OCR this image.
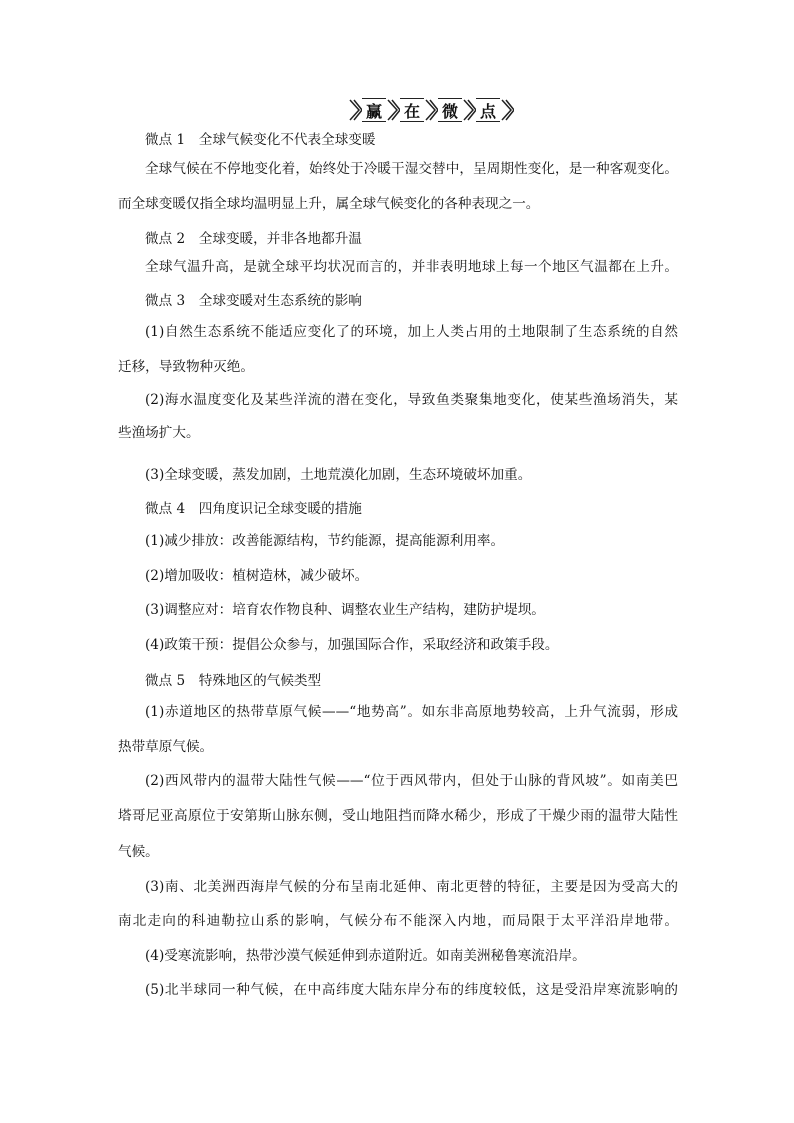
赢 在 微 点
微点 1　全球气候变化不代表全球变暖
全球气候在不停地变化着，始终处于冷暖干湿交替中，呈周期性变化，是一种客观变化。
而全球变暖仅指全球均温明显上升，属全球气候变化的各种表现之一。
微点 2　全球变暖，并非各地都升温
全球气温升高，是就全球平均状况而言的，并非表明地球上每一个地区气温都在上升。
微点 3　全球变暖对生态系统的影响
(1)自然生态系统不能适应变化了的环境，加上人类占用的土地限制了生态系统的自然
迁移，导致物种灭绝。
(2)海水温度变化及某些洋流的潜在变化，导致鱼类聚集地变化，使某些渔场消失，某
些渔场扩大。
(3)全球变暖，蒸发加剧，土地荒漠化加剧，生态环境破坏加重。
微点 4　四角度识记全球变暖的措施
(1)减少排放：改善能源结构，节约能源，提高能源利用率。
(2)增加吸收：植树造林，减少破坏。
(3)调整应对：培育农作物良种、调整农业生产结构，建防护堤坝。
(4)政策干预：提倡公众参与，加强国际合作，采取经济和政策手段。
微点 5　特殊地区的气候类型
(1)赤道地区的热带草原气候——“地势高”。如东非高原地势较高，上升气流弱，形成
热带草原气候。
(2)西风带内的温带大陆性气候——“位于西风带内，但处于山脉的背风坡”。如南美巴
塔哥尼亚高原位于安第斯山脉东侧，受山地阻挡而降水稀少，形成了干燥少雨的温带大陆性
气候。
(3)南、北美洲西海岸气候的分布呈南北延伸、南北更替的特征，主要是因为受高大的
南北走向的科迪勒拉山系的影响，气候分布不能深入内地，而局限于太平洋沿岸地带。
(4)受寒流影响，热带沙漠气候延伸到赤道附近。如南美洲秘鲁寒流沿岸。
(5)北半球同一种气候，在中高纬度大陆东岸分布的纬度较低，这是受沿岸寒流影响的
